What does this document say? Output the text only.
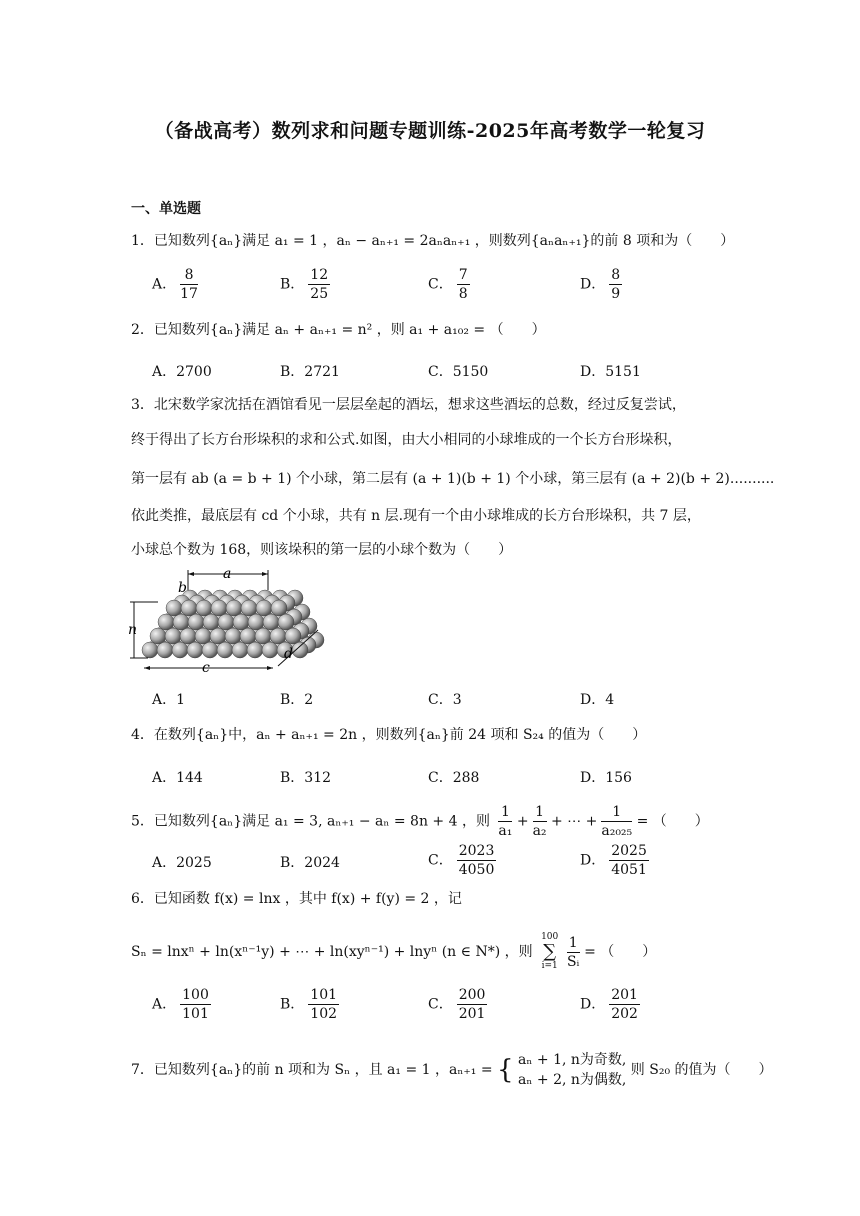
（备战高考）数列求和问题专题训练-2025年高考数学一轮复习
一、单选题
1．已知数列{aₙ}满足 a₁ = 1 ，aₙ − aₙ₊₁ = 2aₙaₙ₊₁ ，则数列{aₙaₙ₊₁}的前 8 项和为（　　）
A． $\frac{8}{17}$	B． $\frac{12}{25}$	C． $\frac{7}{8}$	D． $\frac{8}{9}$
2．已知数列{aₙ}满足 aₙ + aₙ₊₁ = n² ，则 a₁ + a₁₀₂ = （　　）
A．2700	B．2721	C．5150	D．5151
3．北宋数学家沈括在酒馆看见一层层垒起的酒坛，想求这些酒坛的总数，经过反复尝试，
终于得出了长方台形垛积的求和公式.如图，由大小相同的小球堆成的一个长方台形垛积，
第一层有 ab (a = b + 1) 个小球，第二层有 (a + 1)(b + 1) 个小球，第三层有 (a + 2)(b + 2)..........
依此类推，最底层有 cd 个小球，共有 n 层.现有一个由小球堆成的长方台形垛积，共 7 层，
小球总个数为 168，则该垛积的第一层的小球个数为（　　）
a
b
n
c
d
A．1	B．2	C．3	D．4
4．在数列{aₙ}中，aₙ + aₙ₊₁ = 2n ，则数列{aₙ}前 24 项和 S₂₄ 的值为（　　）
A．144	B．312	C．288	D．156
5．已知数列{aₙ}满足 a₁ = 3, aₙ₊₁ − aₙ = 8n + 4 ，则 $\frac{1}{\text{a₁}} + \frac{1}{\text{a₂}}$ + ⋯ + $\frac{1}{\text{a₂₀₂₅}}$ = （　　）
A．2025	B．2024	C． $\frac{2023}{4050}$	D． $\frac{2025}{4051}$
6．已知函数 f(x) = lnx ，其中 f(x) + f(y) = 2 ，记
Sₙ = lnxⁿ + ln(xⁿ⁻¹y) + ⋯ + ln(xyⁿ⁻¹) + lnyⁿ (n ∈ N*) ，则
100
∑
i=1
$\frac{1}{\text{Sᵢ}}$ = （　　）
A． $\frac{100}{101}$	B． $\frac{101}{102}$	C． $\frac{200}{201}$	D． $\frac{201}{202}$
7．已知数列{aₙ}的前 n 项和为 Sₙ ，且 a₁ = 1 ，aₙ₊₁ = { aₙ + 1, n为奇数,
aₙ + 2, n为偶数,
则 S₂₀ 的值为（　　）
